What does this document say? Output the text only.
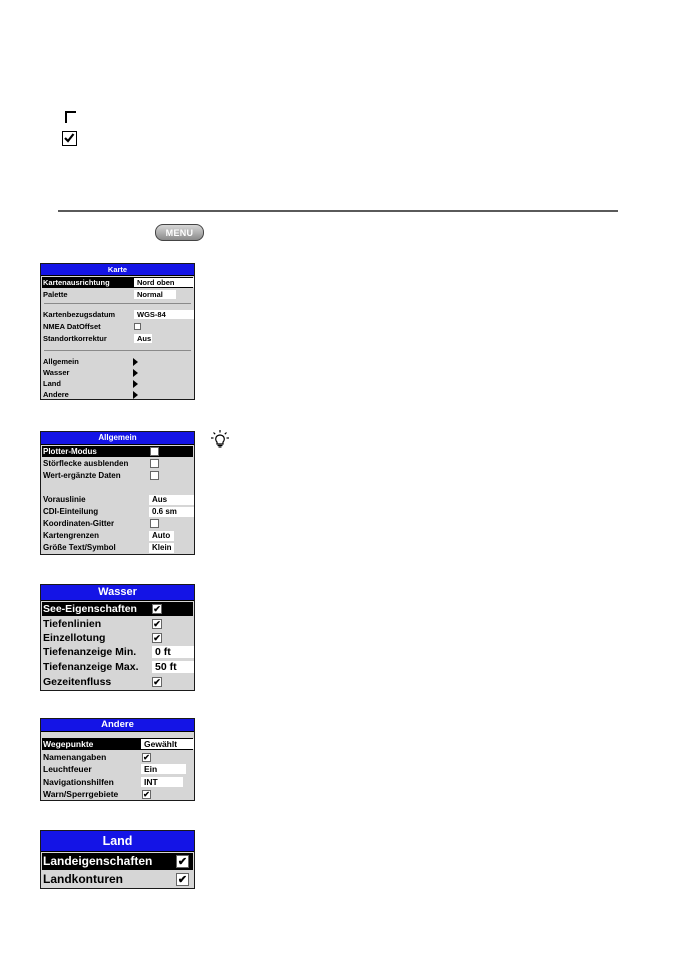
MENU
Karte
Kartenausrichtung	Nord oben
Palette	Normal
Kartenbezugsdatum	WGS-84
NMEA DatOffset
Standortkorrektur	Aus
Allgemein
Wasser
Land
Andere
Allgemein
Plotter-Modus
Störflecke ausblenden
Wert-ergänzte Daten
Vorauslinie	Aus
CDI-Einteilung	0.6 sm
Koordinaten-Gitter
Kartengrenzen	Auto
Größe Text/Symbol	Klein
Wasser
See-Eigenschaften ✔
Tiefenlinien	✔
Einzellotung	✔
Tiefenanzeige Min. 0 ft
Tiefenanzeige Max. 50 ft
Gezeitenfluss	✔
Andere
Wegepunkte	Gewählt
Namenangaben	✔
Leuchtfeuer	Ein
Navigationshilfen	INT
Warn/Sperrgebiete	✔
Land
Landeigenschaften ✔
Landkonturen	✔
